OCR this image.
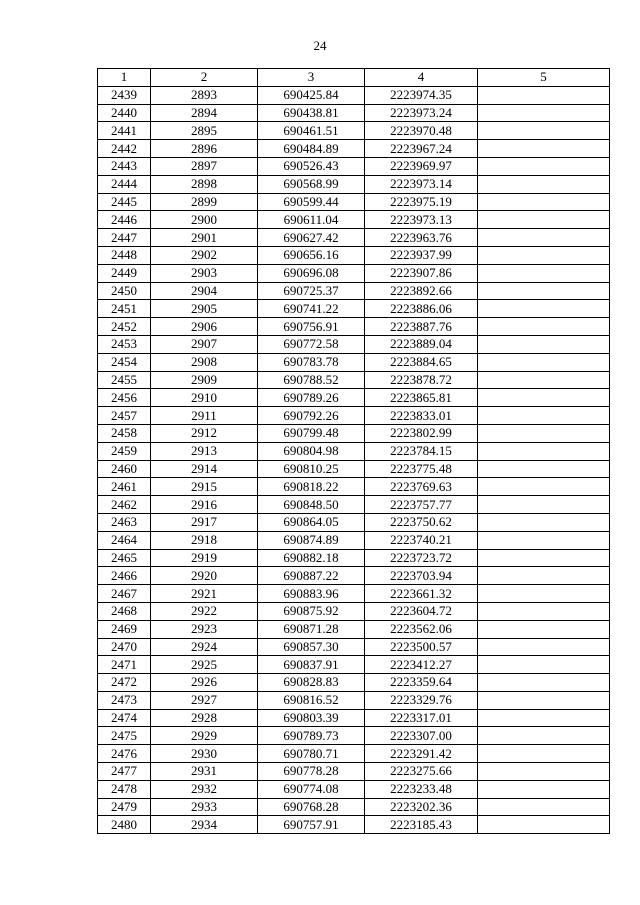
24
1	2	3	4	5
2439	2893	690425.84	2223974.35	
2440	2894	690438.81	2223973.24	
2441	2895	690461.51	2223970.48	
2442	2896	690484.89	2223967.24	
2443	2897	690526.43	2223969.97	
2444	2898	690568.99	2223973.14	
2445	2899	690599.44	2223975.19	
2446	2900	690611.04	2223973.13	
2447	2901	690627.42	2223963.76	
2448	2902	690656.16	2223937.99	
2449	2903	690696.08	2223907.86	
2450	2904	690725.37	2223892.66	
2451	2905	690741.22	2223886.06	
2452	2906	690756.91	2223887.76	
2453	2907	690772.58	2223889.04	
2454	2908	690783.78	2223884.65	
2455	2909	690788.52	2223878.72	
2456	2910	690789.26	2223865.81	
2457	2911	690792.26	2223833.01	
2458	2912	690799.48	2223802.99	
2459	2913	690804.98	2223784.15	
2460	2914	690810.25	2223775.48	
2461	2915	690818.22	2223769.63	
2462	2916	690848.50	2223757.77	
2463	2917	690864.05	2223750.62	
2464	2918	690874.89	2223740.21	
2465	2919	690882.18	2223723.72	
2466	2920	690887.22	2223703.94	
2467	2921	690883.96	2223661.32	
2468	2922	690875.92	2223604.72	
2469	2923	690871.28	2223562.06	
2470	2924	690857.30	2223500.57	
2471	2925	690837.91	2223412.27	
2472	2926	690828.83	2223359.64	
2473	2927	690816.52	2223329.76	
2474	2928	690803.39	2223317.01	
2475	2929	690789.73	2223307.00	
2476	2930	690780.71	2223291.42	
2477	2931	690778.28	2223275.66	
2478	2932	690774.08	2223233.48	
2479	2933	690768.28	2223202.36	
2480	2934	690757.91	2223185.43	
